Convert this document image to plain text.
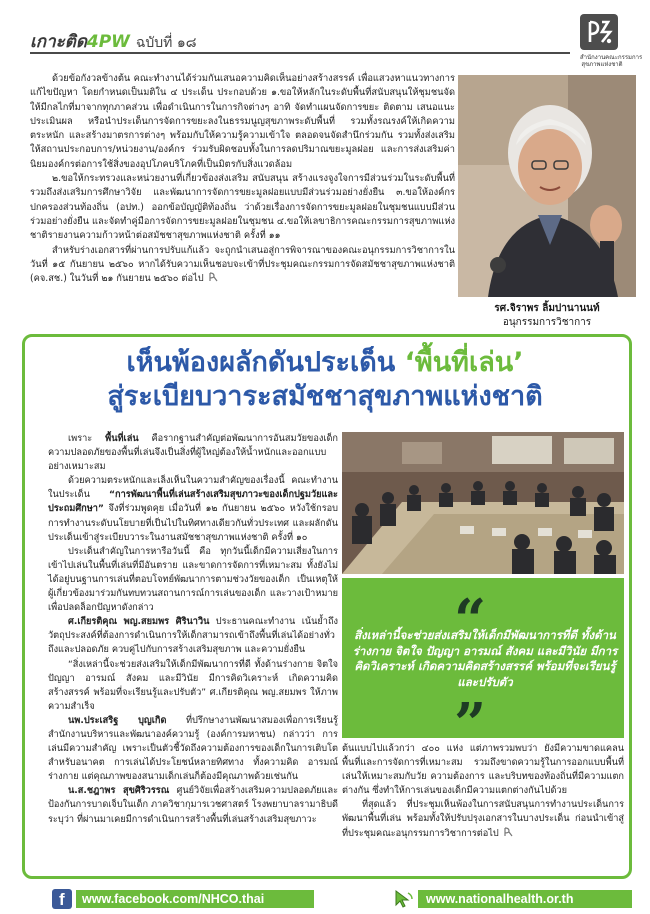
เกาะติด4PW ฉบับที่ ๑๘
สำนักงานคณะกรรมการ
สุขภาพแห่งชาติ

ด้วยข้อกังวลข้างต้น คณะทำงานได้ร่วมกันเสนอความคิดเห็นอย่างสร้างสรรค์ เพื่อแสวงหาแนวทางการแก้ไขปัญหา โดยกำหนดเป็นมติใน ๔ ประเด็น ประกอบด้วย ๑.ขอให้หลักในระดับพื้นที่สนับสนุนให้ชุมชนจัดให้มีกลไกที่มาจากทุกภาคส่วน เพื่อดำเนินการในการกิจต่างๆ อาทิ จัดทำแผนจัดการขยะ ติดตาม เสนอแนะ ประเมินผล หรือนำประเด็นการจัดการขยะลงในธรรมนูญสุขภาพระดับพื้นที่ รวมทั้งรณรงค์ให้เกิดความตระหนัก และสร้างมาตรการต่างๆ พร้อมกับให้ความรู้ความเข้าใจ ตลอดจนจัดสำนึกร่วมกัน รวมทั้งส่งเสริมให้สถานประกอบการ/หน่วยงาน/องค์กร ร่วมรับผิดชอบทั้งในการลดปริมาณขยะมูลฝอย และการส่งเสริมค่านิยมองค์กรต่อการใช้สิ่งของอุปโภคบริโภคที่เป็นมิตรกับสิ่งแวดล้อม

๒.ขอให้กระทรวงและหน่วยงานที่เกี่ยวข้องส่งเสริม สนับสนุน สร้างแรงจูงใจการมีส่วนร่วมในระดับพื้นที่ รวมถึงส่งเสริมการศึกษาวิจัย และพัฒนาการจัดการขยะมูลฝอยแบบมีส่วนร่วมอย่างยั่งยืน ๓.ขอให้องค์กรปกครองส่วนท้องถิ่น (อปท.) ออกข้อบัญญัติท้องถิ่น ว่าด้วยเรื่องการจัดการขยะมูลฝอยในชุมชนแบบมีส่วนร่วมอย่างยั่งยืน และจัดทำคู่มือการจัดการขยะมูลฝอยในชุมชน ๔.ขอให้เลขาธิการคณะกรรมการสุขภาพแห่งชาติรายงานความก้าวหน้าต่อสมัชชาสุขภาพแห่งชาติ ครั้งที่ ๑๑

สำหรับร่างเอกสารที่ผ่านการปรับแก้แล้ว จะถูกนำเสนอสู่การพิจารณาของคณะอนุกรรมการวิชาการในวันที่ ๑๕ กันยายน ๒๕๖๐ หากได้รับความเห็นชอบจะเข้าที่ประชุมคณะกรรมการจัดสมัชชาสุขภาพแห่งชาติ (คจ.สช.) ในวันที่ ๒๑ กันยายน ๒๕๖๐ ต่อไป

รศ.จิราพร ลิ้มปานานนท์
อนุกรรมการวิชาการ
เห็นพ้องผลักดันประเด็น ‘พื้นที่เล่น’
สู่ระเบียบวาระสมัชชาสุขภาพแห่งชาติ

เพราะ พื้นที่เล่น คือรากฐานสำคัญต่อพัฒนาการอันสมวัยของเด็ก ความปลอดภัยของพื้นที่เล่นจึงเป็นสิ่งที่ผู้ใหญ่ต้องให้น้ำหนักและออกแบบอย่างเหมาะสม

ด้วยความตระหนักและเล็งเห็นในความสำคัญของเรื่องนี้ คณะทำงานในประเด็น “การพัฒนาพื้นที่เล่นสร้างเสริมสุขภาวะของเด็กปฐมวัยและประถมศึกษา” จึงที่ร่วมพูดคุย เมื่อวันที่ ๑๒ กันยายน ๒๕๖๐ หวังใช้กรอบการทำงานระดับนโยบายที่เป็นไปในทิศทางเดียวกันทั่วประเทศ และผลักดันประเด็นเข้าสู่ระเบียบวาระในงานสมัชชาสุขภาพแห่งชาติ ครั้งที่ ๑๐

ประเด็นสำคัญในการหารือวันนี้ คือ ทุกวันนี้เด็กมีความเสี่ยงในการเข้าไปเล่นในพื้นที่เล่นที่มีอันตราย และขาดการจัดการที่เหมาะสม ทั้งยังไม่ได้อยู่บนฐานการเล่นที่ตอบโจทย์พัฒนาการตามช่วงวัยของเด็ก เป็นเหตุให้ผู้เกี่ยวข้องมาร่วมกันทบทวนสถานการณ์การเล่นของเด็ก และวางเป้าหมายเพื่อปลดล็อกปัญหาดังกล่าว

ศ.เกียรติคุณ พญ.สยมพร ศิรินาวิน ประธานคณะทำงาน เน้นย้ำถึงวัตถุประสงค์ที่ต้องการดำเนินการให้เด็กสามารถเข้าถึงพื้นที่เล่นได้อย่างทั่วถึงและปลอดภัย ควบคู่ไปกับการสร้างเสริมสุขภาพ และความยั่งยืน

“สิ่งเหล่านี้จะช่วยส่งเสริมให้เด็กมีพัฒนาการที่ดี ทั้งด้านร่างกาย จิตใจ ปัญญา อารมณ์ สังคม และมีวินัย มีการคิดวิเคราะห์ เกิดความคิดสร้างสรรค์ พร้อมที่จะเรียนรู้และปรับตัว” ศ.เกียรติคุณ พญ.สยมพร ให้ภาพความสำเร็จ

นพ.ประเสริฐ บุญเกิด ที่ปรึกษางานพัฒนาสมองเพื่อการเรียนรู้ สำนักงานบริหารและพัฒนาองค์ความรู้ (องค์การมหาชน) กล่าวว่า การเล่นมีความสำคัญ เพราะเป็นตัวชี้วัดถึงความต้องการของเด็กในการเติบโต สำหรับอนาคต การเล่นได้ประโยชน์หลายทิศทาง ทั้งความคิด อารมณ์ร่างกาย แต่คุณภาพของสนามเด็กเล่นก็ต้องมีคุณภาพด้วยเช่นกัน

น.ส.ชฎาพร สุขศิริวรรณ ศูนย์วิจัยเพื่อสร้างเสริมความปลอดภัยและป้องกันการบาดเจ็บในเด็ก ภาควิชากุมารเวชศาสตร์ โรงพยาบาลรามาธิบดี ระบุว่า ที่ผ่านมาเคยมีการดำเนินการสร้างพื้นที่เล่นสร้างเสริมสุขภาวะ

“
สิ่งเหล่านี้จะช่วยส่งเสริมให้เด็กมีพัฒนาการที่ดี ทั้งด้านร่างกาย จิตใจ ปัญญา อารมณ์ สังคม และมีวินัย มีการคิดวิเคราะห์ เกิดความคิดสร้างสรรค์ พร้อมที่จะเรียนรู้และปรับตัว
”

ต้นแบบไปแล้วกว่า ๔๐๐ แห่ง แต่ภาพรวมพบว่า ยังมีความขาดแคลนพื้นที่และการจัดการที่เหมาะสม รวมถึงขาดความรู้ในการออกแบบพื้นที่เล่นให้เหมาะสมกับวัย ความต้องการ และบริบทของท้องถิ่นที่มีความแตกต่างกัน ซึ่งทำให้การเล่นของเด็กมีความแตกต่างกันไปด้วย

ที่สุดแล้ว ที่ประชุมเห็นพ้องในการสนับสนุนการทำงานประเด็นการพัฒนาพื้นที่เล่น พร้อมทั้งให้ปรับปรุงเอกสารในบางประเด็น ก่อนนำเข้าสู่ที่ประชุมคณะอนุกรรมการวิชาการต่อไป

f	www.facebook.com/NHCO.thai	www.nationalhealth.or.th
